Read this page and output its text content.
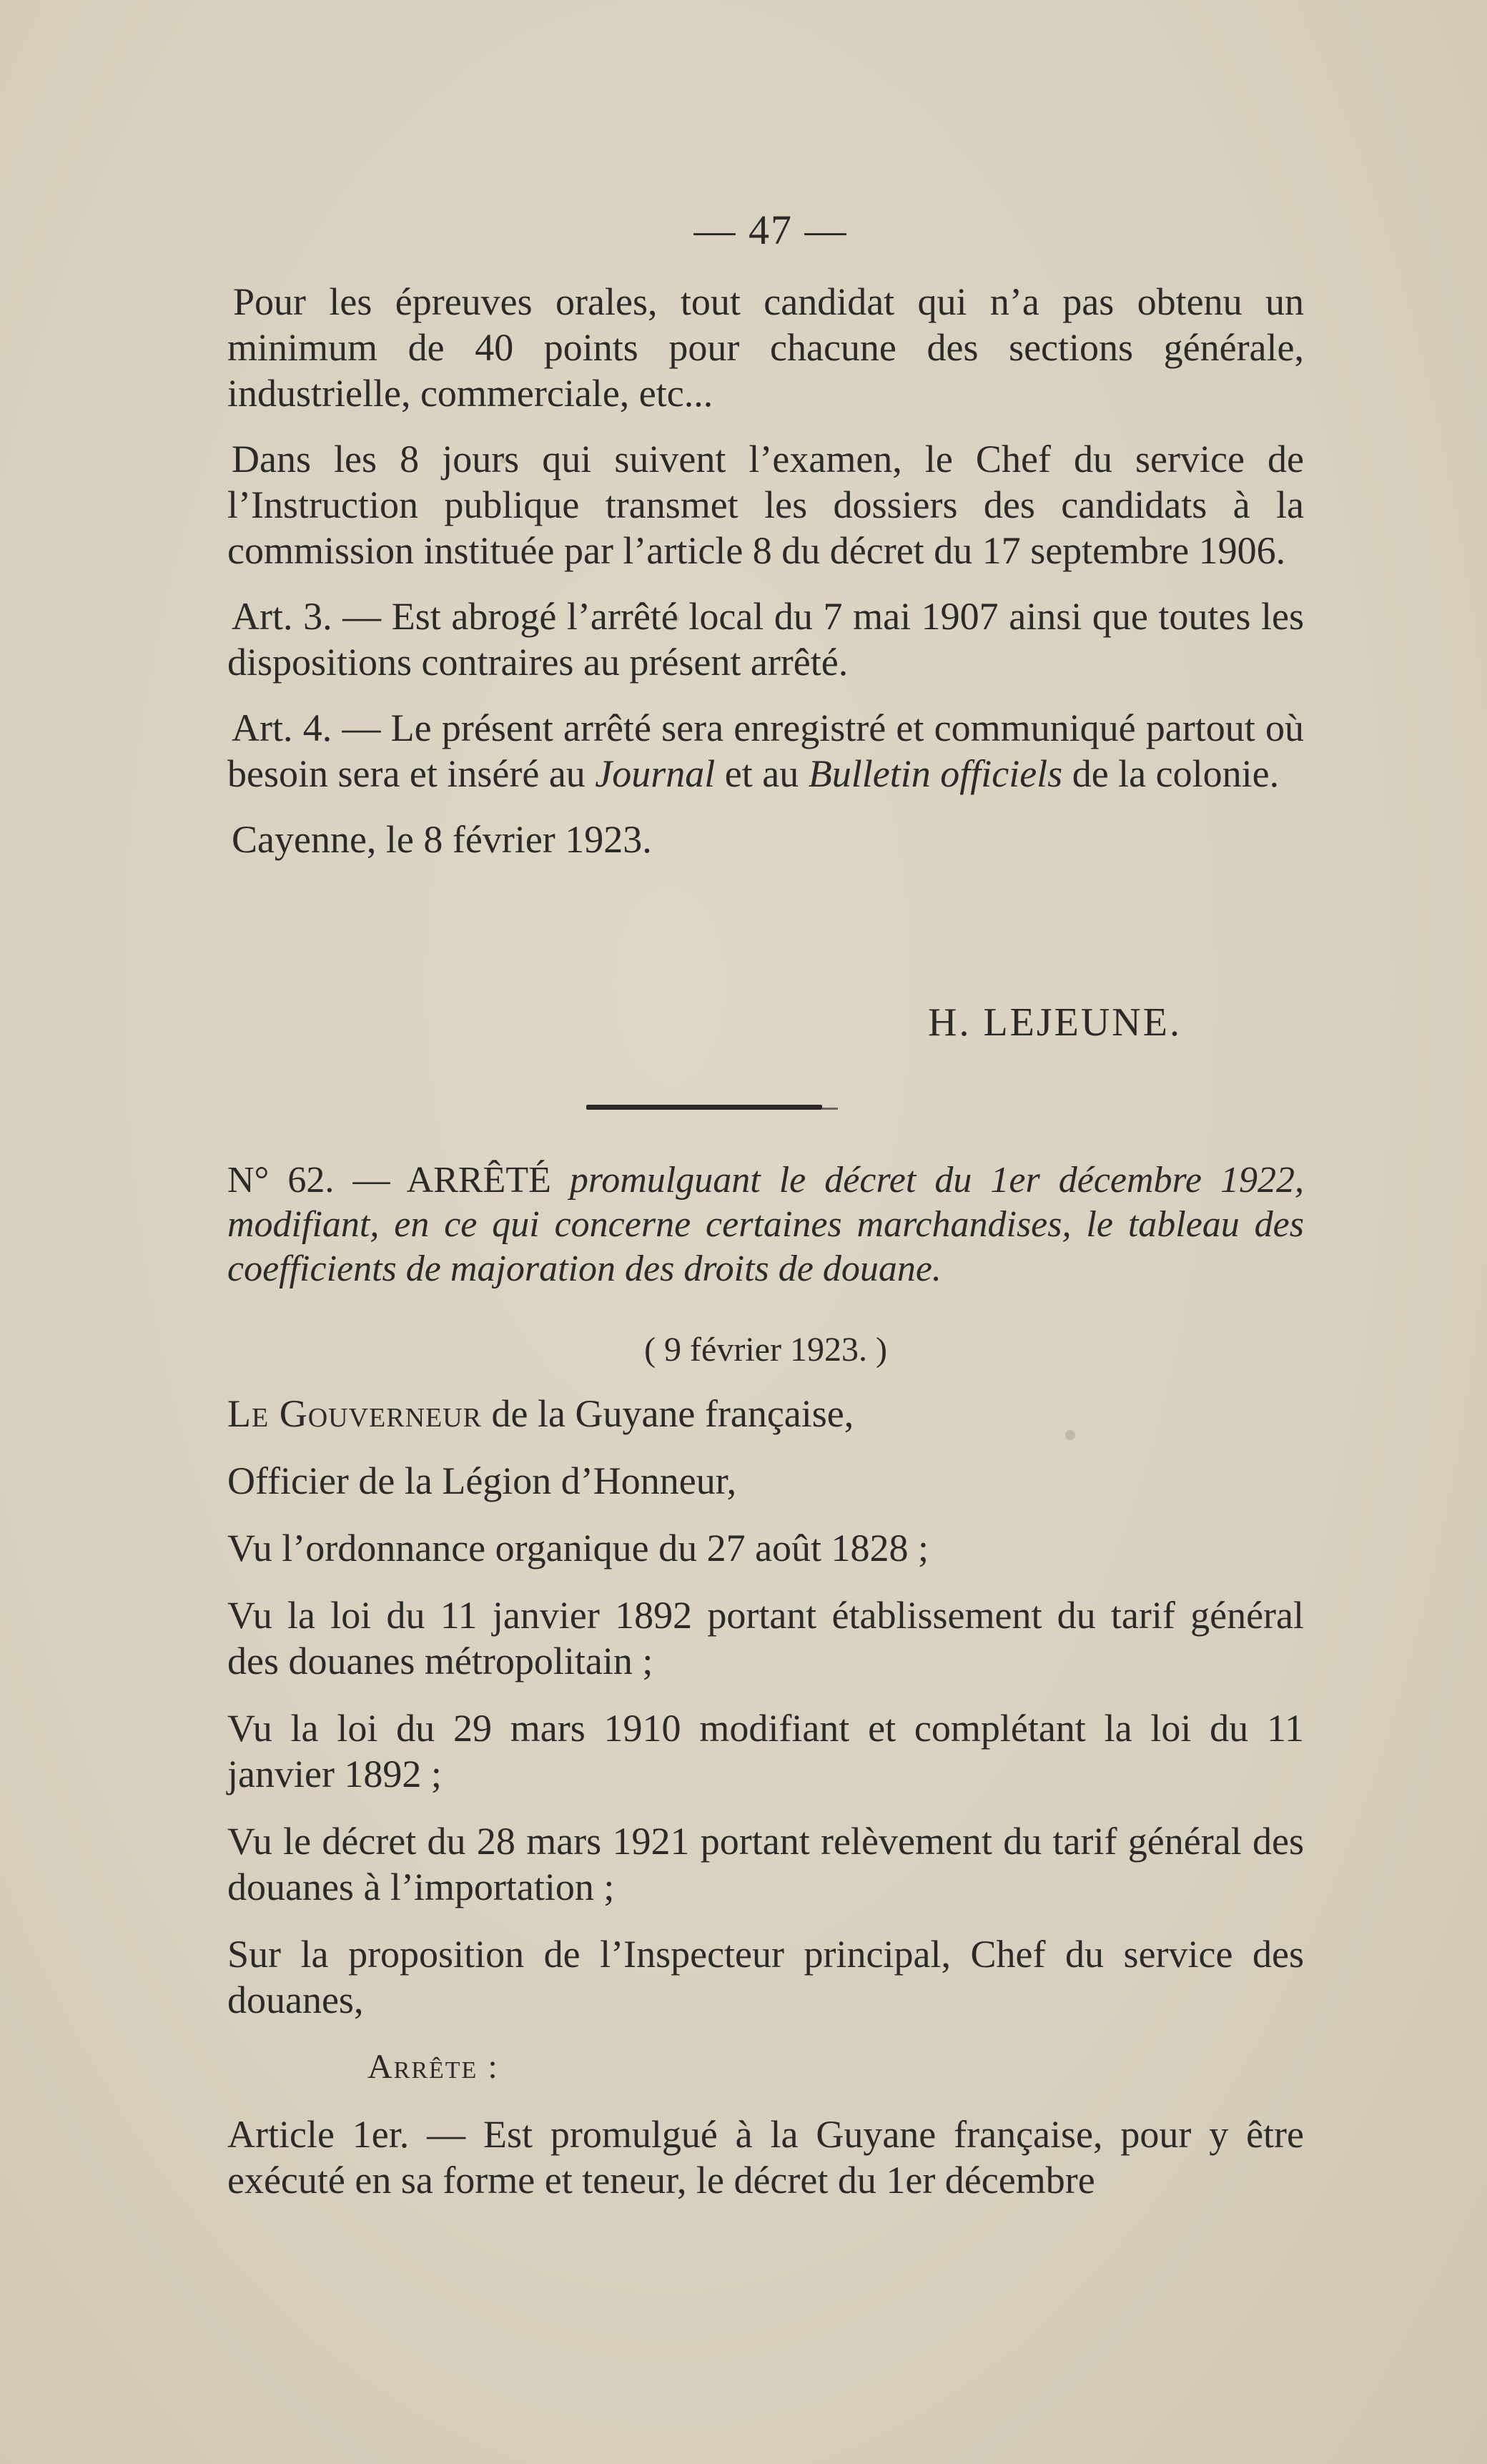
— 47 —

Pour les épreuves orales, tout candidat qui n’a pas obtenu un minimum de 40 points pour chacune des sections générale, industrielle, commerciale, etc...

Dans les 8 jours qui suivent l’examen, le Chef du service de l’Instruction publique transmet les dossiers des candidats à la commission instituée par l’article 8 du décret du 17 septembre 1906.

Art. 3. — Est abrogé l’arrêté local du 7 mai 1907 ainsi que toutes les dispositions contraires au présent arrêté.

Art. 4. — Le présent arrêté sera enregistré et communiqué partout où besoin sera et inséré au Journal et au Bulletin officiels de la colonie.

Cayenne, le 8 février 1923.

H. LEJEUNE.
N° 62. — ARRÊTÉ promulguant le décret du 1er décembre 1922, modifiant, en ce qui concerne certaines marchandises, le tableau des coefficients de majoration des droits de douane.
( 9 février 1923. )

Le Gouverneur de la Guyane française,

Officier de la Légion d’Honneur,

Vu l’ordonnance organique du 27 août 1828 ;

Vu la loi du 11 janvier 1892 portant établissement du tarif général des douanes métropolitain ;

Vu la loi du 29 mars 1910 modifiant et complétant la loi du 11 janvier 1892 ;

Vu le décret du 28 mars 1921 portant relèvement du tarif général des douanes à l’importation ;

Sur la proposition de l’Inspecteur principal, Chef du service des douanes,

Arrête :

Article 1er. — Est promulgué à la Guyane française, pour y être exécuté en sa forme et teneur, le décret du 1er décembre
